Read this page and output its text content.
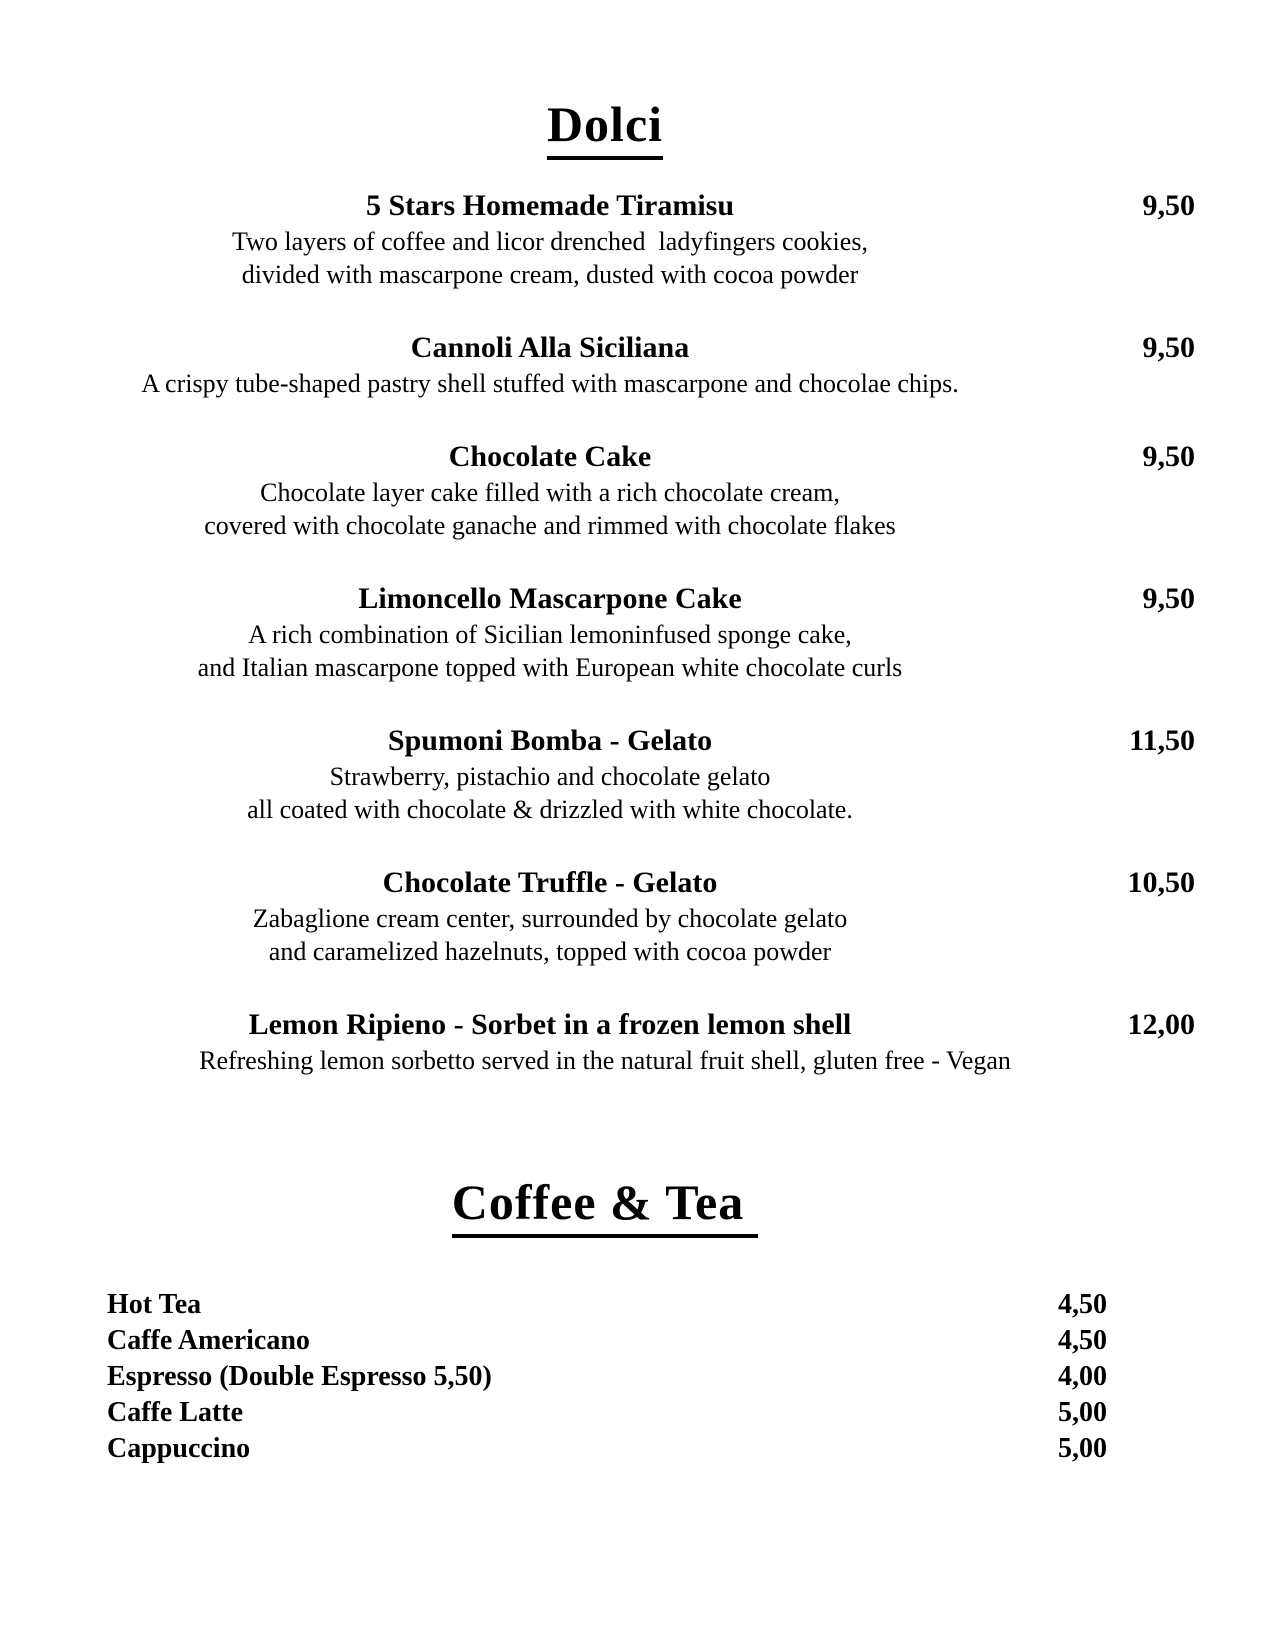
Dolci
5 Stars Homemade Tiramisu	9,50
Two layers of coffee and licor drenched  ladyfingers cookies,
divided with mascarpone cream, dusted with cocoa powder
Cannoli Alla Siciliana	9,50
A crispy tube-shaped pastry shell stuffed with mascarpone and chocolae chips.
Chocolate Cake	9,50
Chocolate layer cake filled with a rich chocolate cream,
covered with chocolate ganache and rimmed with chocolate flakes
Limoncello Mascarpone Cake	9,50
A rich combination of Sicilian lemoninfused sponge cake,
and Italian mascarpone topped with European white chocolate curls
Spumoni Bomba - Gelato	11,50
Strawberry, pistachio and chocolate gelato
all coated with chocolate & drizzled with white chocolate.
Chocolate Truffle - Gelato	10,50
Zabaglione cream center, surrounded by chocolate gelato
and caramelized hazelnuts, topped with cocoa powder
Lemon Ripieno - Sorbet in a frozen lemon shell	12,00
Refreshing lemon sorbetto served in the natural fruit shell, gluten free - Vegan
Coffee & Tea
Hot Tea	4,50
Caffe Americano	4,50
Espresso (Double Espresso 5,50)	4,00
Caffe Latte	5,00
Cappuccino	5,00
